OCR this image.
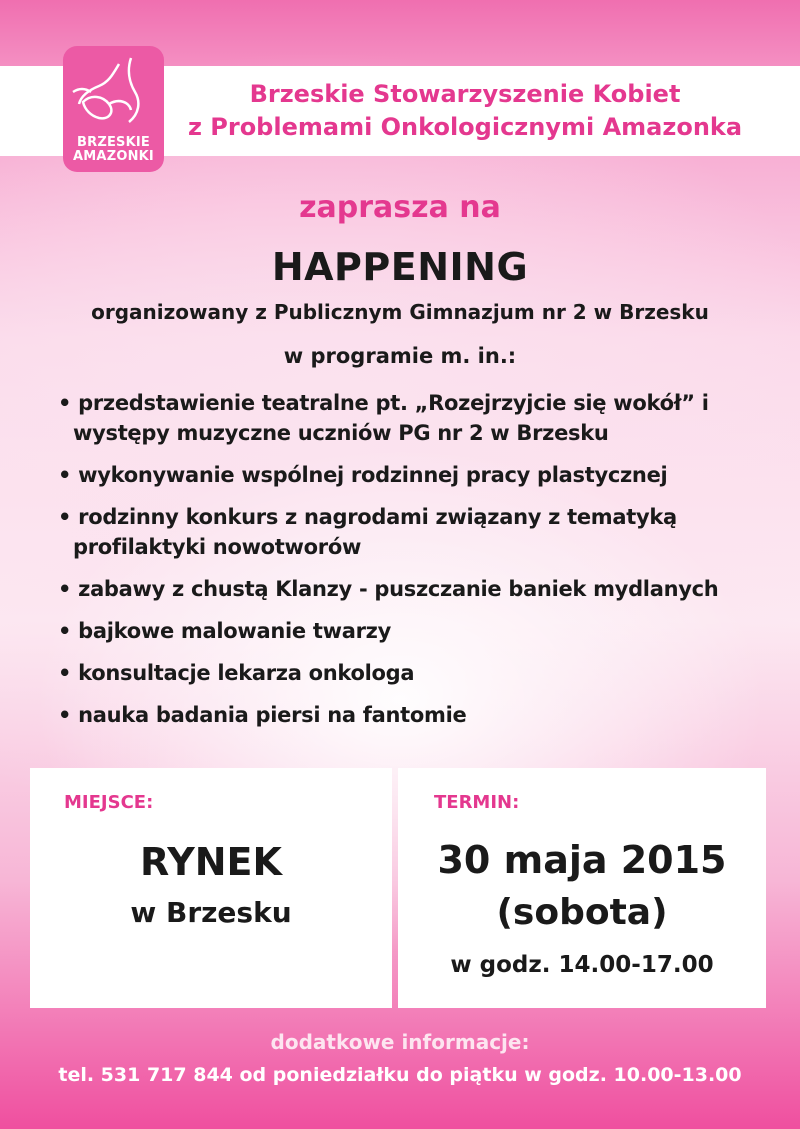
BRZESKIE
AMAZONKI
Brzeskie Stowarzyszenie Kobiet
z Problemami Onkologicznymi Amazonka
zaprasza na
HAPPENING
organizowany z Publicznym Gimnazjum nr 2 w Brzesku
w programie m. in.:
• przedstawienie teatralne pt. „Rozejrzyjcie się wokół” i występy muzyczne uczniów PG nr 2 w Brzesku
• wykonywanie wspólnej rodzinnej pracy plastycznej
• rodzinny konkurs z nagrodami związany z tematyką profilaktyki nowotworów
• zabawy z chustą Klanzy - puszczanie baniek mydlanych
• bajkowe malowanie twarzy
• konsultacje lekarza onkologa
• nauka badania piersi na fantomie
MIEJSCE:
RYNEK
w Brzesku
TERMIN:
30 maja 2015
(sobota)
w godz. 14.00-17.00
dodatkowe informacje:
tel. 531 717 844 od poniedziałku do piątku w godz. 10.00-13.00
